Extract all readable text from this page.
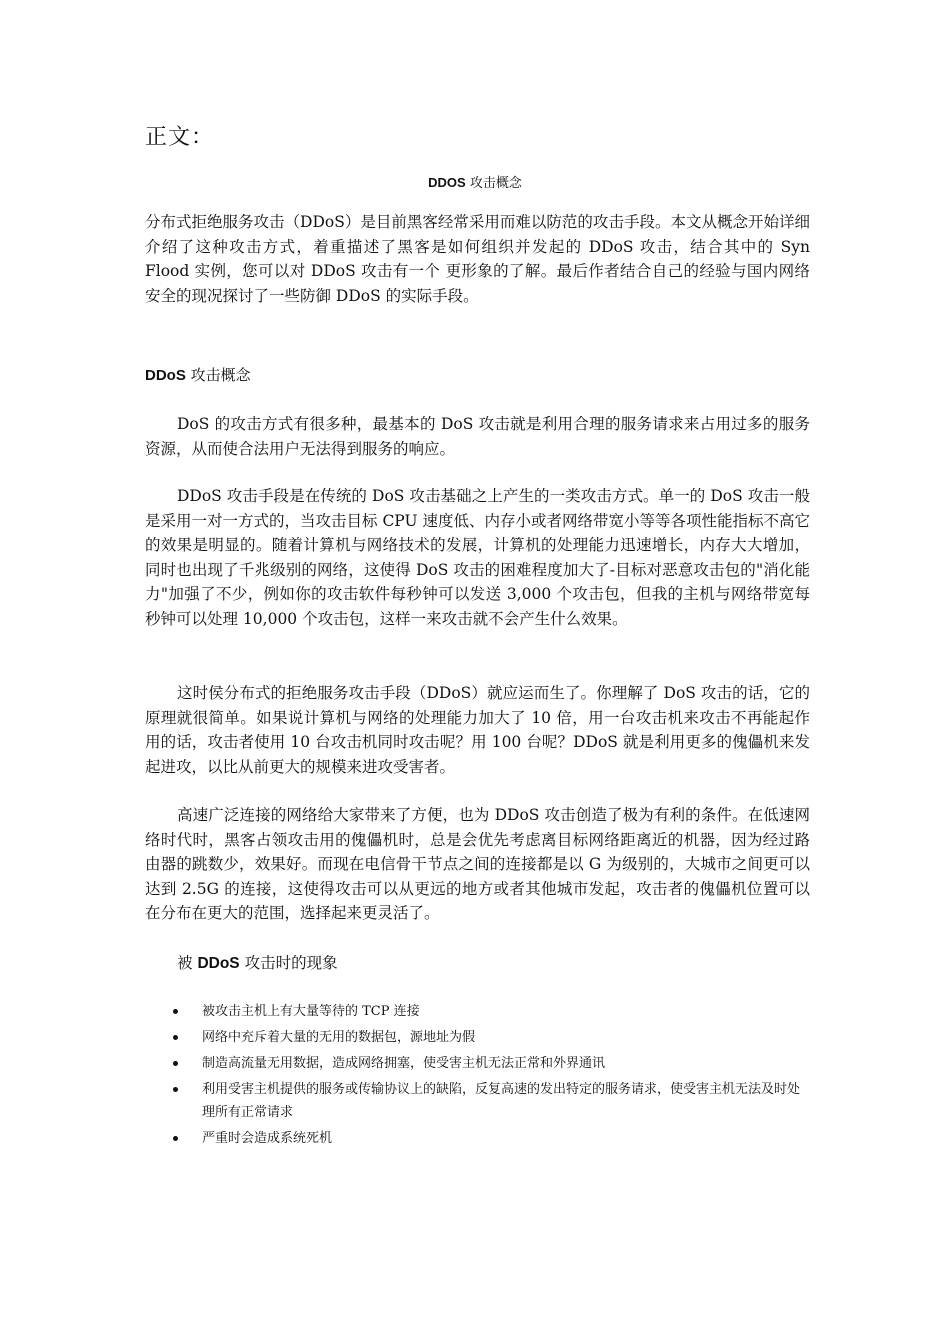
正文：
DDOS 攻击概念

分布式拒绝服务攻击（DDoS）是目前黑客经常采用而难以防范的攻击手段。本文从概念开始详细介绍了这种攻击方式，着重描述了黑客是如何组织并发起的 DDoS 攻击，结合其中的 Syn Flood 实例，您可以对 DDoS 攻击有一个 更形象的了解。最后作者结合自己的经验与国内网络安全的现况探讨了一些防御 DDoS 的实际手段。

DDoS 攻击概念

DoS 的攻击方式有很多种，最基本的 DoS 攻击就是利用合理的服务请求来占用过多的服务资源，从而使合法用户无法得到服务的响应。

DDoS 攻击手段是在传统的 DoS 攻击基础之上产生的一类攻击方式。单一的 DoS 攻击一般是采用一对一方式的，当攻击目标 CPU 速度低、内存小或者网络带宽小等等各项性能指标不高它的效果是明显的。随着计算机与网络技术的发展，计算机的处理能力迅速增长，内存大大增加，同时也出现了千兆级别的网络，这使得 DoS 攻击的困难程度加大了-目标对恶意攻击包的"消化能力"加强了不少，例如你的攻击软件每秒钟可以发送 3,000 个攻击包，但我的主机与网络带宽每秒钟可以处理 10,000 个攻击包，这样一来攻击就不会产生什么效果。

这时侯分布式的拒绝服务攻击手段（DDoS）就应运而生了。你理解了 DoS 攻击的话，它的原理就很简单。如果说计算机与网络的处理能力加大了 10 倍，用一台攻击机来攻击不再能起作用的话，攻击者使用 10 台攻击机同时攻击呢？用 100 台呢？DDoS 就是利用更多的傀儡机来发起进攻，以比从前更大的规模来进攻受害者。

高速广泛连接的网络给大家带来了方便，也为 DDoS 攻击创造了极为有利的条件。在低速网络时代时，黑客占领攻击用的傀儡机时，总是会优先考虑离目标网络距离近的机器，因为经过路由器的跳数少，效果好。而现在电信骨干节点之间的连接都是以 G 为级别的，大城市之间更可以达到 2.5G 的连接，这使得攻击可以从更远的地方或者其他城市发起，攻击者的傀儡机位置可以在分布在更大的范围，选择起来更灵活了。

被 DDoS 攻击时的现象
被攻击主机上有大量等待的 TCP 连接
网络中充斥着大量的无用的数据包，源地址为假
制造高流量无用数据，造成网络拥塞，使受害主机无法正常和外界通讯
利用受害主机提供的服务或传输协议上的缺陷，反复高速的发出特定的服务请求，使受害主机无法及时处理所有正常请求
严重时会造成系统死机
